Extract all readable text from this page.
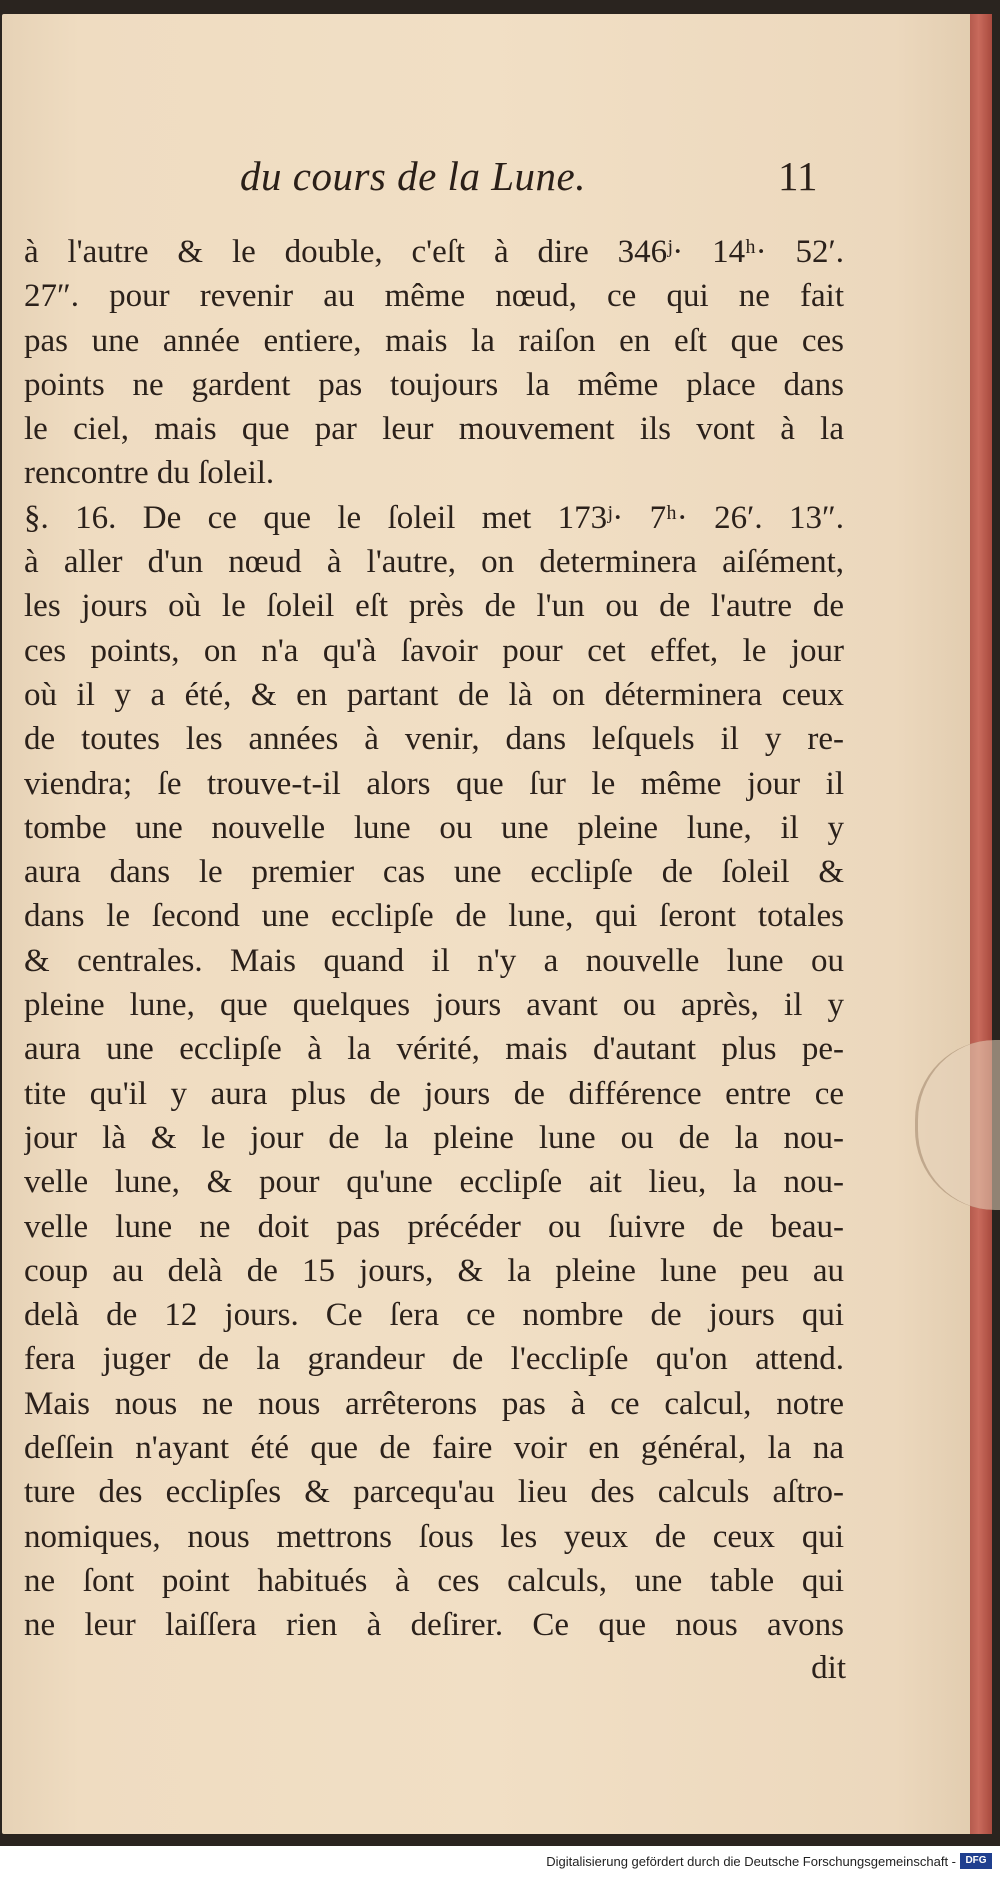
du cours de la Lune.	11
à l'autre & le double, c'eſt à dire 346ʲ· 14ʰ· 52′.
27″. pour revenir au même nœud, ce qui ne fait
pas une année entiere, mais la raiſon en eſt que ces
points ne gardent pas toujours la même place dans
le ciel, mais que par leur mouvement ils vont à la
rencontre du ſoleil.
§. 16. De ce que le ſoleil met 173ʲ· 7ʰ· 26′. 13″.
à aller d'un nœud à l'autre, on determinera aiſément,
les jours où le ſoleil eſt près de l'un ou de l'autre de
ces points, on n'a qu'à ſavoir pour cet effet, le jour
où il y a été, & en partant de là on déterminera ceux
de toutes les années à venir, dans leſquels il y re-
viendra; ſe trouve-t-il alors que ſur le même jour il
tombe une nouvelle lune ou une pleine lune, il y
aura dans le premier cas une ecclipſe de ſoleil &
dans le ſecond une ecclipſe de lune, qui ſeront totales
& centrales. Mais quand il n'y a nouvelle lune ou
pleine lune, que quelques jours avant ou après, il y
aura une ecclipſe à la vérité, mais d'autant plus pe-
tite qu'il y aura plus de jours de différence entre ce
jour là & le jour de la pleine lune ou de la nou-
velle lune, & pour qu'une ecclipſe ait lieu, la nou-
velle lune ne doit pas précéder ou ſuivre de beau-
coup au delà de 15 jours, & la pleine lune peu au
delà de 12 jours. Ce ſera ce nombre de jours qui
fera juger de la grandeur de l'ecclipſe qu'on attend.
Mais nous ne nous arrêterons pas à ce calcul, notre
deſſein n'ayant été que de faire voir en général, la na
ture des ecclipſes & parcequ'au lieu des calculs aſtro-
nomiques, nous mettrons ſous les yeux de ceux qui
ne ſont point habitués à ces calculs, une table qui
ne leur laiſſera rien à deſirer. Ce que nous avons
dit
Digitalisierung gefördert durch die Deutsche Forschungsgemeinschaft - DFG
